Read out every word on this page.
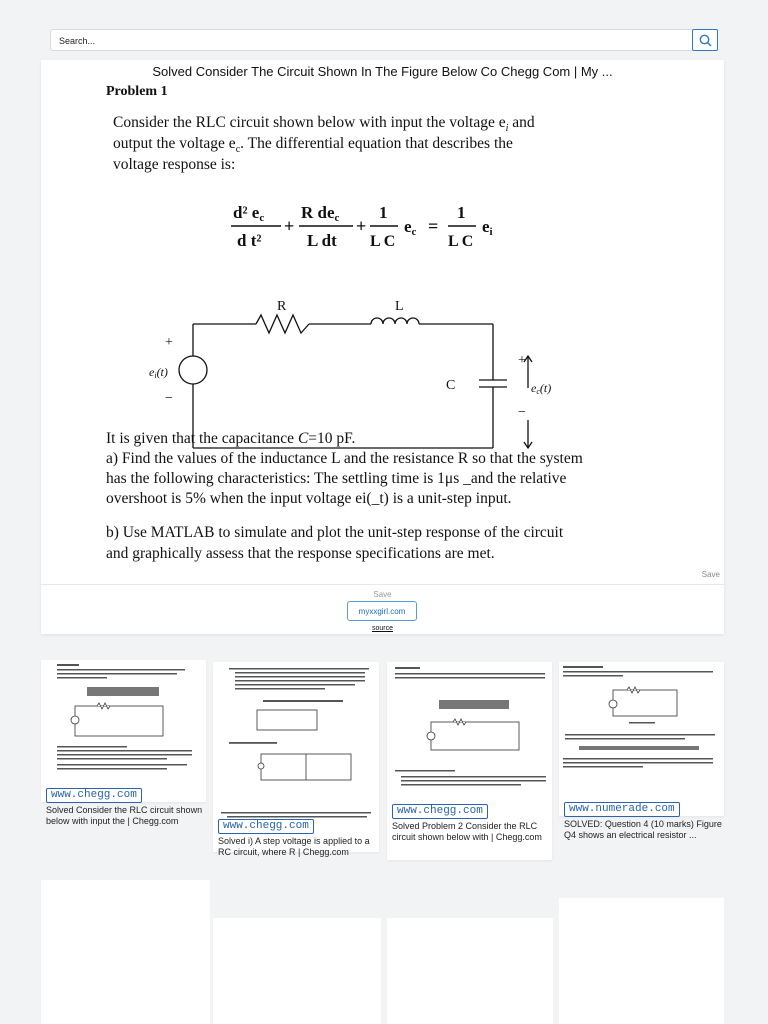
Search...
Solved Consider The Circuit Shown In The Figure Below Co Chegg Com | My ...
Problem 1
Consider the RLC circuit shown below with input the voltage $e_i$ and
output the voltage $e_c$. The differential equation that describes the
voltage response is:
d² ec
d t²
+
R dec
L dt
+
1
L C
ec =
1
L C
ei
R	L
C
+
−
+
−
ei(t)
ec(t)
It is given that the capacitance C=10 pF.
a) Find the values of the inductance L and the resistance R so that the system
has the following characteristics: The settling time is 1μs _and the relative
overshoot is 5% when the input voltage ei(_t) is a unit-step input.
b) Use MATLAB to simulate and plot the unit-step response of the circuit
and graphically assess that the response specifications are met.
Save
Save
myxxgirl.com
source
www.chegg.com
Solved Consider the RLC circuit shown
below with input the | Chegg.com	www.chegg.com
Solved i) A step voltage is applied to a
RC circuit, where R | Chegg.com
www.chegg.com
Solved Problem 2 Consider the RLC
circuit shown below with | Chegg.com
www.numerade.com
SOLVED: Question 4 (10 marks) Figure
Q4 shows an electrical resistor ...
